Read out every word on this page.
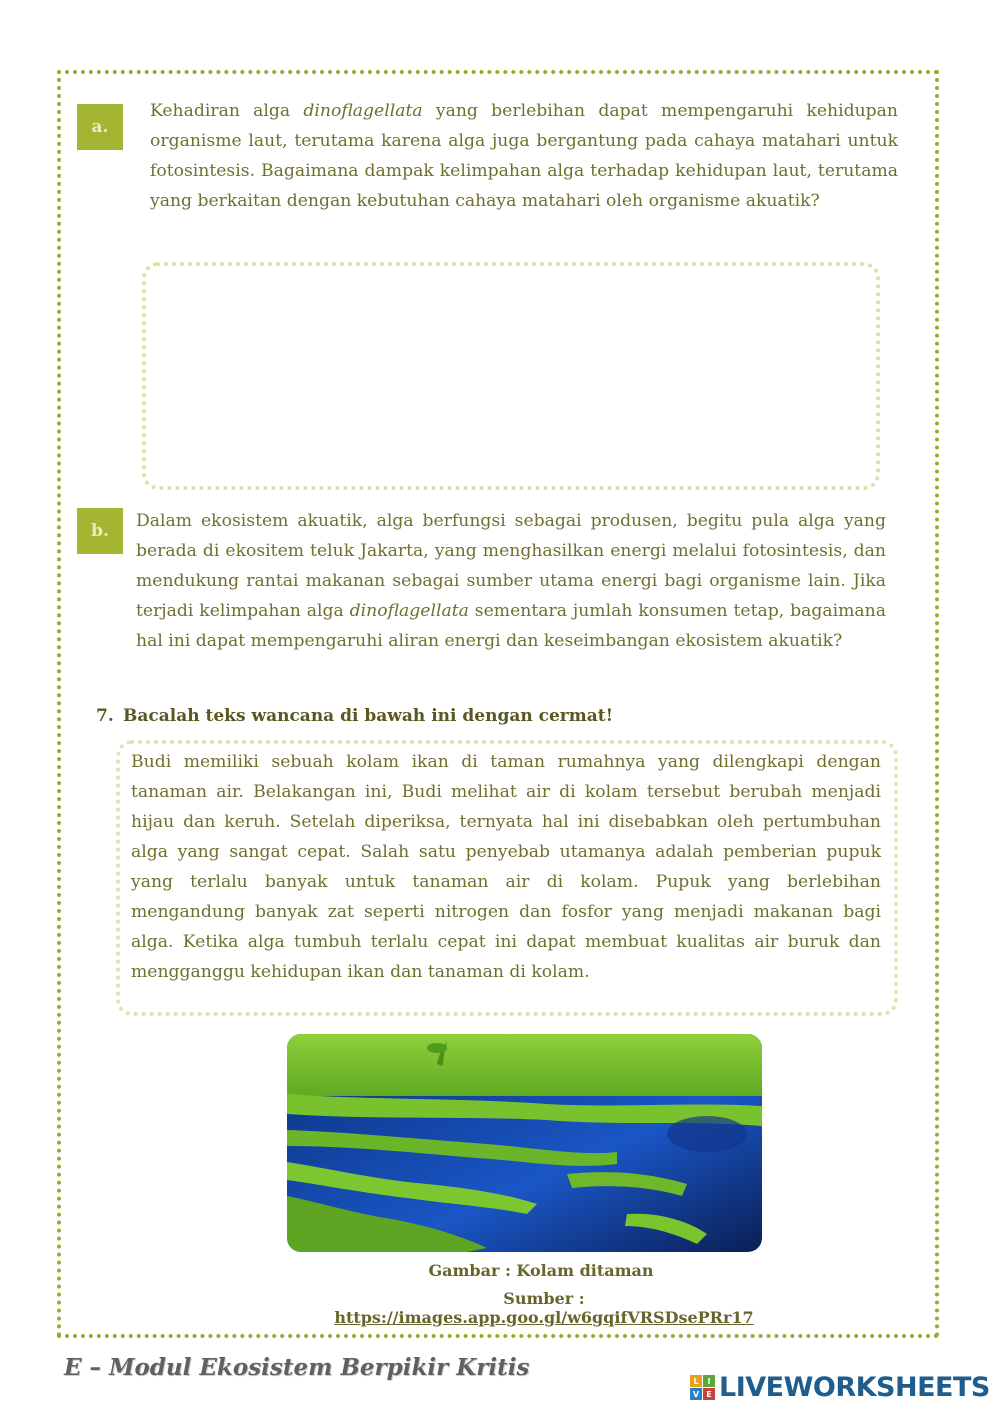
a.
Kehadiran alga dinoflagellata yang berlebihan dapat mempengaruhi kehidupan organisme laut, terutama karena alga juga bergantung pada cahaya matahari untuk fotosintesis. Bagaimana dampak kelimpahan alga terhadap kehidupan laut, terutama yang berkaitan dengan kebutuhan cahaya matahari oleh organisme akuatik?
b.	Dalam ekosistem akuatik, alga berfungsi sebagai produsen, begitu pula alga yang berada di ekositem teluk Jakarta, yang menghasilkan energi melalui fotosintesis, dan mendukung rantai makanan sebagai sumber utama energi bagi organisme lain. Jika terjadi kelimpahan alga dinoflagellata sementara jumlah konsumen tetap, bagaimana hal ini dapat mempengaruhi aliran energi dan keseimbangan ekosistem akuatik?
7. Bacalah teks wancana di bawah ini dengan cermat!
Budi memiliki sebuah kolam ikan di taman rumahnya yang dilengkapi dengan tanaman air. Belakangan ini, Budi melihat air di kolam tersebut berubah menjadi hijau dan keruh. Setelah diperiksa, ternyata hal ini disebabkan oleh pertumbuhan alga yang sangat cepat. Salah satu penyebab utamanya adalah pemberian pupuk yang terlalu banyak untuk tanaman air di kolam. Pupuk yang berlebihan mengandung banyak zat seperti nitrogen dan fosfor yang menjadi makanan bagi alga. Ketika alga tumbuh terlalu cepat ini dapat membuat kualitas air buruk dan mengganggu kehidupan ikan dan tanaman di kolam.
Gambar : Kolam ditaman
Sumber : https://images.app.goo.gl/w6gqifVRSDsePRr17
E – Modul Ekosistem Berpikir Kritis	L	I
V E LIVEWORKSHEETS
